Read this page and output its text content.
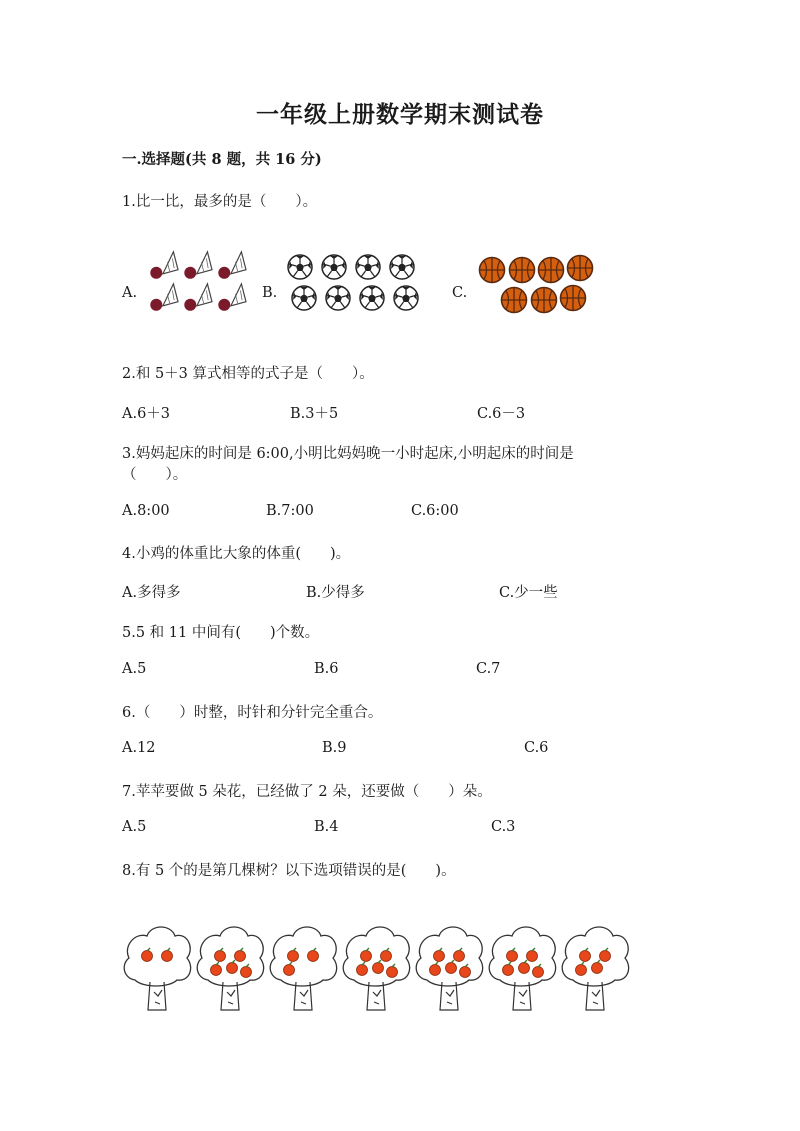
一年级上册数学期末测试卷
一.选择题(共 8 题，共 16 分)
1.比一比，最多的是（　　）。
A.	B.	C.
2.和 5＋3 算式相等的式子是（　　）。
A.6＋3	B.3＋5	C.6－3
3.妈妈起床的时间是 6:00,小明比妈妈晚一小时起床,小明起床的时间是
（　　）。
A.8:00	B.7:00	C.6:00
4.小鸡的体重比大象的体重(　　)。
A.多得多	B.少得多	C.少一些
5.5 和 11 中间有(　　)个数。
A.5	B.6	C.7
6.（　　）时整，时针和分针完全重合。
A.12	B.9	C.6
7.苹苹要做 5 朵花，已经做了 2 朵，还要做（　　）朵。
A.5	B.4	C.3
8.有 5 个的是第几棵树？以下选项错误的是(　　)。
